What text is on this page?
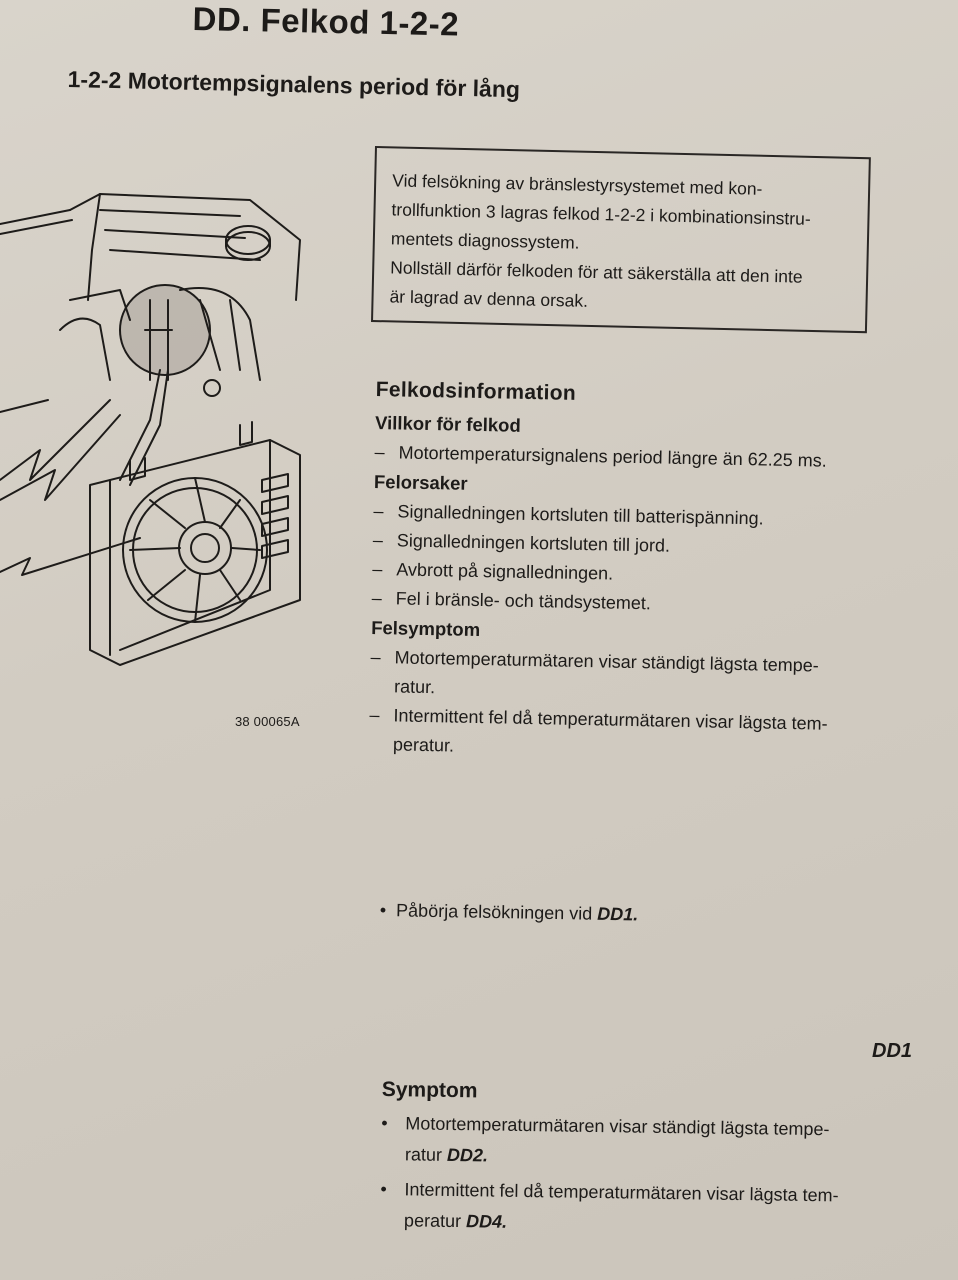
DD. Felkod 1-2-2
1-2-2 Motortempsignalens period för lång

Vid felsökning av bränslestyrsystemet med kon-

trollfunktion 3 lagras felkod 1-2-2 i kombinationsinstru-

mentets diagnossystem.

Nollställ därför felkoden för att säkerställa att den inte

är lagrad av denna orsak.

38 00065A
Felkodsinformation
Villkor för felkod
– Motortemperatursignalens period längre än 62.25 ms.
Felorsaker
– Signalledningen kortsluten till batterispänning.
– Signalledningen kortsluten till jord.
– Avbrott på signalledningen.
– Fel i bränsle- och tändsystemet.
Felsymptom
– Motortemperaturmätaren visar ständigt lägsta tempe-
ratur.
– Intermittent fel då temperaturmätaren visar lägsta tem-
peratur.
• Påbörja felsökningen vid DD1.
DD1
Symptom
• Motortemperaturmätaren visar ständigt lägsta tempe-
ratur DD2.
• Intermittent fel då temperaturmätaren visar lägsta tem-
peratur DD4.
